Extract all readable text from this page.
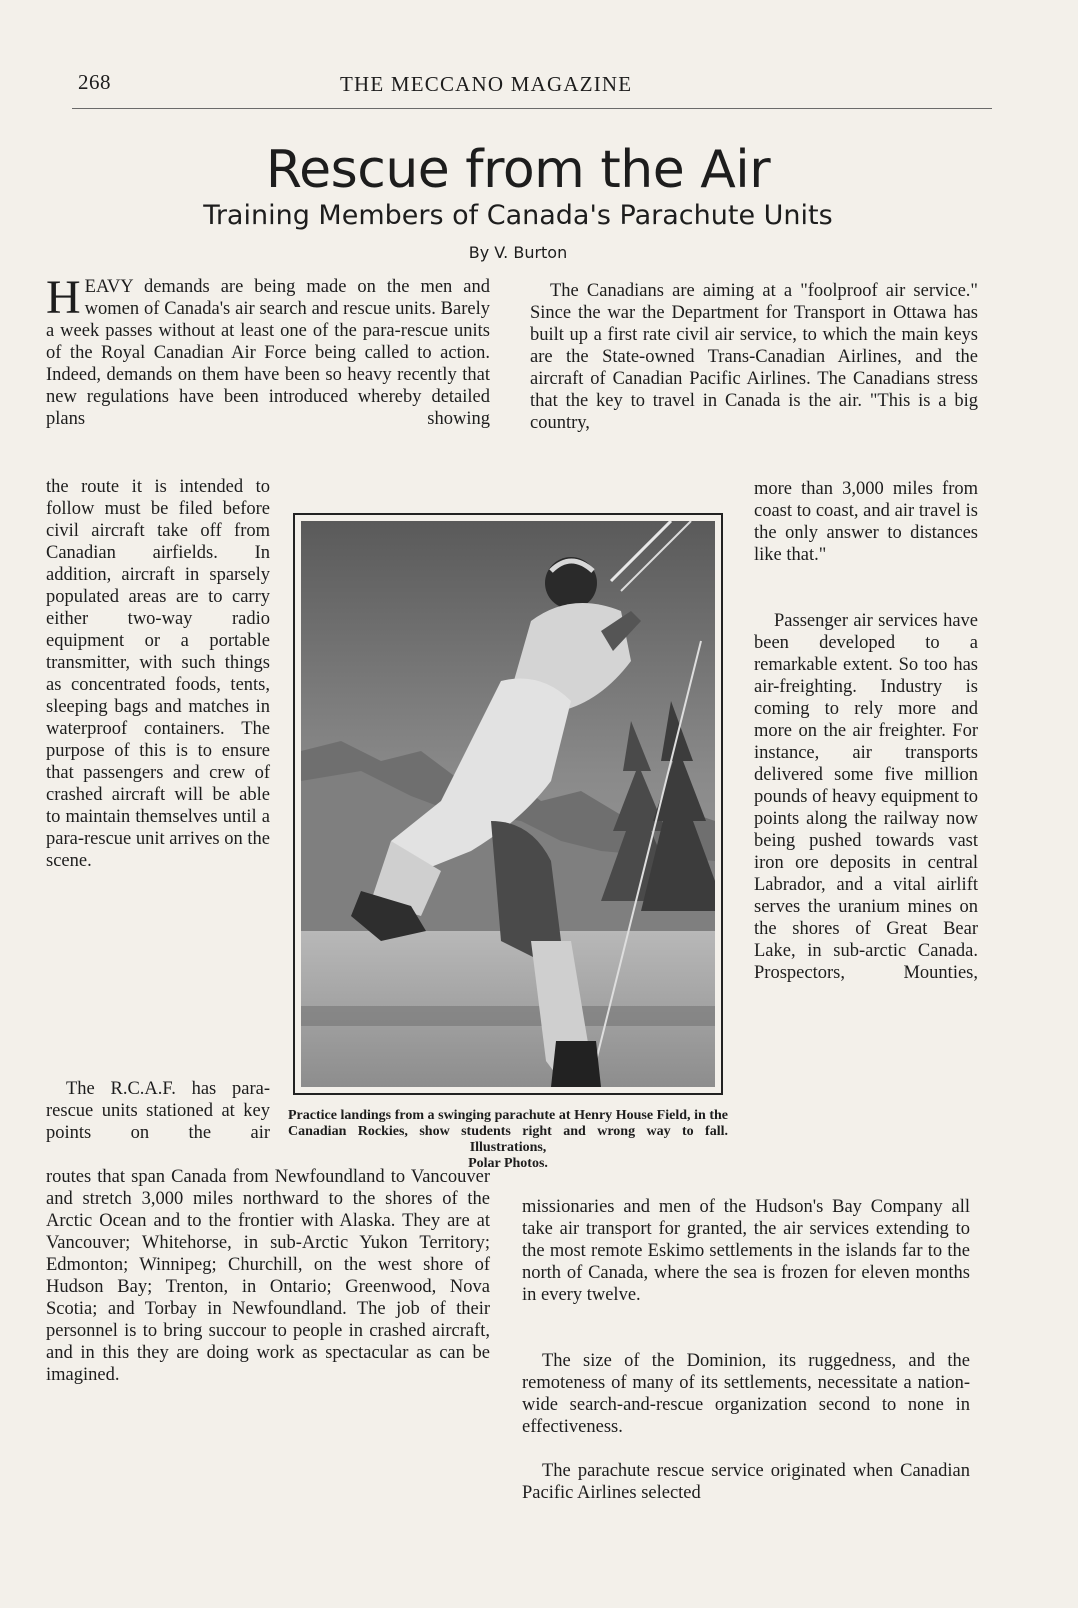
268	THE MECCANO MAGAZINE
Rescue from the Air
Training Members of Canada's Parachute Units
By V. Burton
HEAVY demands are being made on the men and women of Canada's air search and rescue units. Barely a week passes without at least one of the para-rescue units of the Royal Canadian Air Force being called to action. Indeed, demands on them have been so heavy recently that new regulations have been introduced whereby detailed plans showing
the route it is intended to follow must be filed before civil aircraft take off from Canadian airfields. In addition, aircraft in sparsely populated areas are to carry either two-way radio equipment or a portable transmitter, with such things as concentrated foods, tents, sleeping bags and matches in waterproof containers. The purpose of this is to ensure that passengers and crew of crashed aircraft will be able to maintain themselves until a para-rescue unit arrives on the scene.
The R.C.A.F. has para-rescue units stationed at key points on the air
routes that span Canada from Newfoundland to Vancouver and stretch 3,000 miles northward to the shores of the Arctic Ocean and to the frontier with Alaska. They are at Vancouver; Whitehorse, in sub-Arctic Yukon Territory; Edmonton; Winnipeg; Churchill, on the west shore of Hudson Bay; Trenton, in Ontario; Greenwood, Nova Scotia; and Torbay in Newfoundland. The job of their personnel is to bring succour to people in crashed aircraft, and in this they are doing work as spectacular as can be imagined.
The Canadians are aiming at a "foolproof air service." Since the war the Department for Transport in Ottawa has built up a first rate civil air service, to which the main keys are the State-owned Trans-Canadian Airlines, and the aircraft of Canadian Pacific Airlines. The Canadians stress that the key to travel in Canada is the air. "This is a big country,
more than 3,000 miles from coast to coast, and air travel is the only answer to distances like that."
Passenger air services have been developed to a remarkable extent. So too has air-freighting. Industry is coming to rely more and more on the air freighter. For instance, air transports delivered some five million pounds of heavy equipment to points along the railway now being pushed towards vast iron ore deposits in central Labrador, and a vital airlift serves the uranium mines on the shores of Great Bear Lake, in sub-arctic Canada. Prospectors, Mounties,
missionaries and men of the Hudson's Bay Company all take air transport for granted, the air services extending to the most remote Eskimo settlements in the islands far to the north of Canada, where the sea is frozen for eleven months in every twelve.
The size of the Dominion, its ruggedness, and the remoteness of many of its settlements, necessitate a nation-wide search-and-rescue organization second to none in effectiveness.
The parachute rescue service originated when Canadian Pacific Airlines selected
Practice landings from a swinging parachute at Henry House Field, in the Canadian Rockies, show students right and wrong way to fall. Illustrations,
Polar Photos.
